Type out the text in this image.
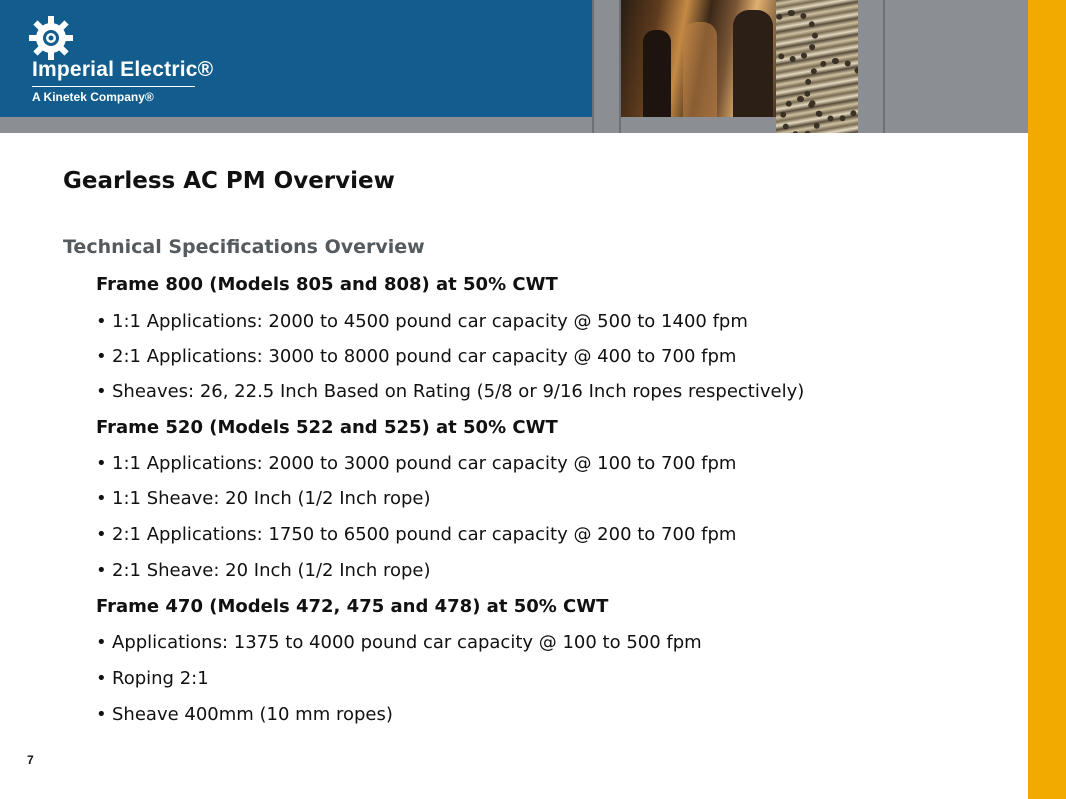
Imperial Electric®
A Kinetek Company®
Gearless AC PM Overview
Technical Specifications Overview
Frame 800 (Models 805 and 808) at 50% CWT
• 1:1 Applications: 2000 to 4500 pound car capacity @ 500 to 1400 fpm
• 2:1 Applications: 3000 to 8000 pound car capacity @ 400 to 700 fpm
• Sheaves: 26, 22.5 Inch Based on Rating (5/8 or 9/16 Inch ropes respectively)
Frame 520 (Models 522 and 525) at 50% CWT
• 1:1 Applications: 2000 to 3000 pound car capacity @ 100 to 700 fpm
• 1:1 Sheave: 20 Inch (1/2 Inch rope)
• 2:1 Applications: 1750 to 6500 pound car capacity @ 200 to 700 fpm
• 2:1 Sheave: 20 Inch (1/2 Inch rope)
Frame 470 (Models 472, 475 and 478) at 50% CWT
• Applications: 1375 to 4000 pound car capacity @ 100 to 500 fpm
• Roping 2:1
• Sheave 400mm (10 mm ropes)
7
